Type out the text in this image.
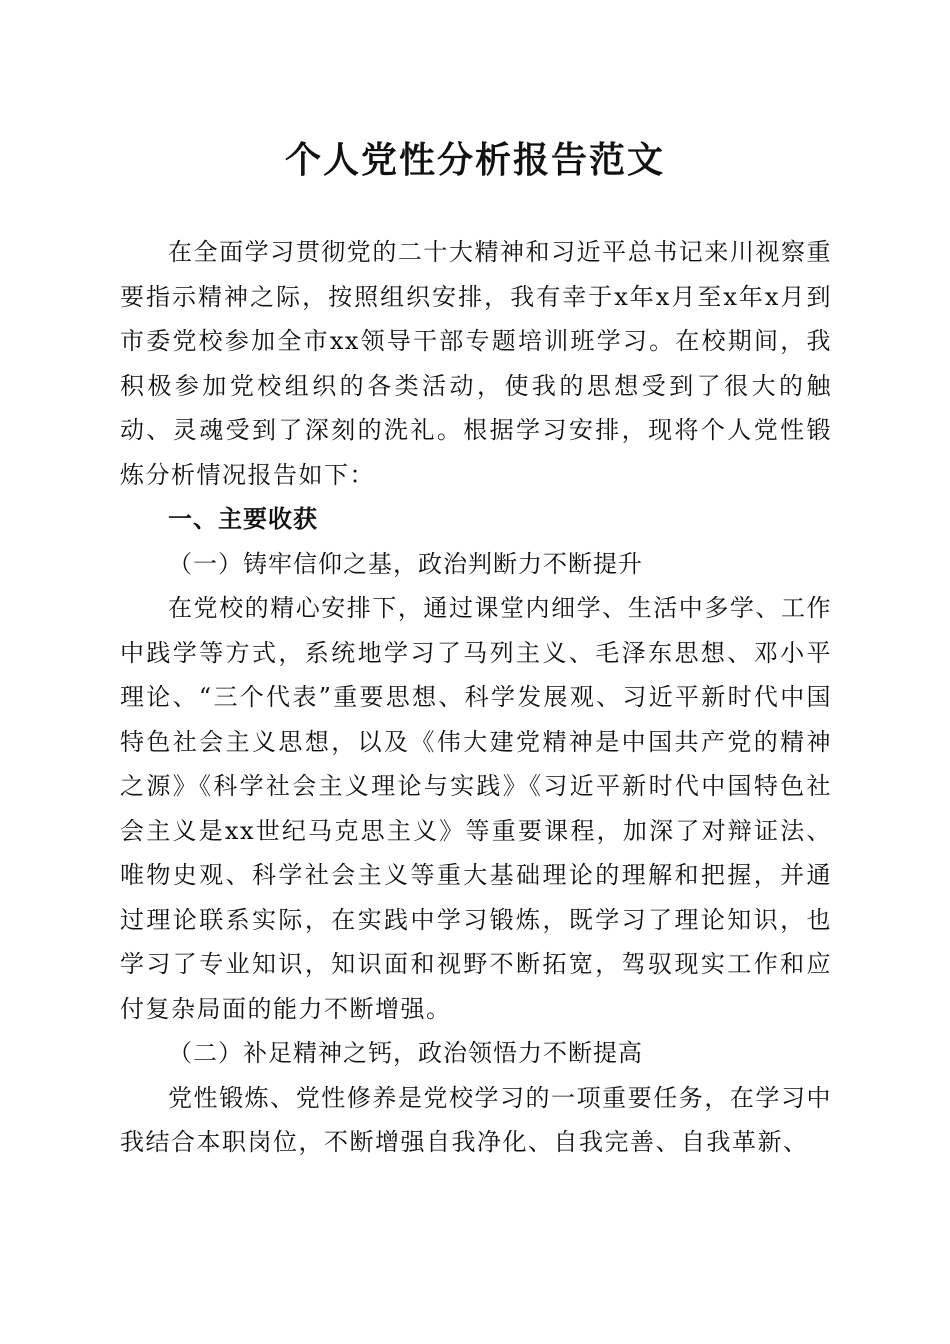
个人党性分析报告范文

在全面学习贯彻党的二十大精神和习近平总书记来川视察重要指示精神之际，按照组织安排，我有幸于x年x月至x年x月到市委党校参加全市xx领导干部专题培训班学习。在校期间，我积极参加党校组织的各类活动，使我的思想受到了很大的触动、灵魂受到了深刻的洗礼。根据学习安排，现将个人党性锻炼分析情况报告如下：

一、主要收获

（一）铸牢信仰之基，政治判断力不断提升

在党校的精心安排下，通过课堂内细学、生活中多学、工作中践学等方式，系统地学习了马列主义、毛泽东思想、邓小平理论、“三个代表”重要思想、科学发展观、习近平新时代中国特色社会主义思想，以及《伟大建党精神是中国共产党的精神之源》《科学社会主义理论与实践》《习近平新时代中国特色社会主义是xx世纪马克思主义》等重要课程，加深了对辩证法、唯物史观、科学社会主义等重大基础理论的理解和把握，并通过理论联系实际，在实践中学习锻炼，既学习了理论知识，也学习了专业知识，知识面和视野不断拓宽，驾驭现实工作和应付复杂局面的能力不断增强。

（二）补足精神之钙，政治领悟力不断提高

党性锻炼、党性修养是党校学习的一项重要任务，在学习中我结合本职岗位，不断增强自我净化、自我完善、自我革新、
